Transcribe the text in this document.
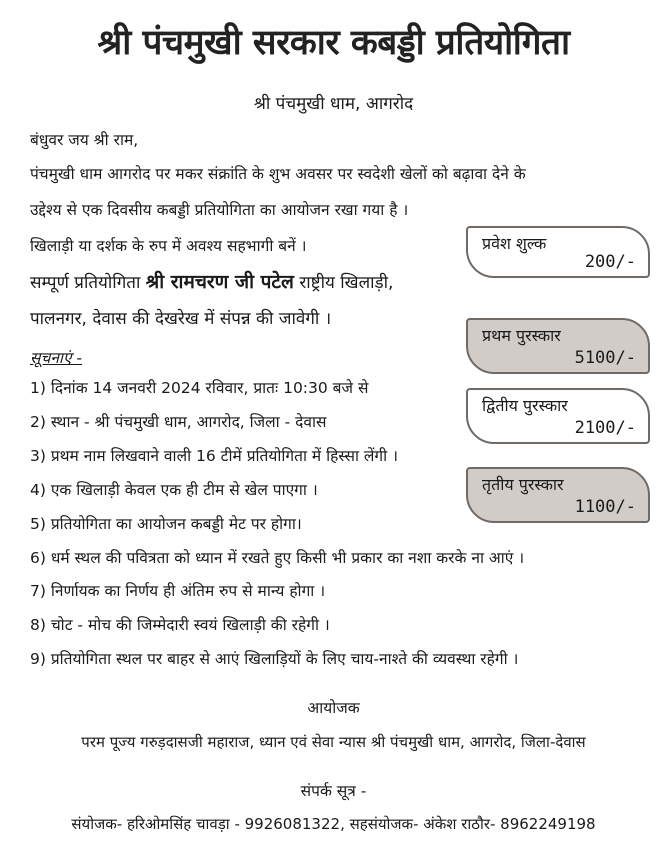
श्री पंचमुखी सरकार कबड्डी प्रतियोगिता
श्री पंचमुखी धाम, आगरोद
बंधुवर जय श्री राम,
पंचमुखी धाम आगरोद पर मकर संक्रांति के शुभ अवसर पर स्वदेशी खेलों को बढ़ावा देने के
उद्देश्य से एक दिवसीय कबड्डी प्रतियोगिता का आयोजन रखा गया है ।
खिलाड़ी या दर्शक के रुप में अवश्य सहभागी बनें ।
सम्पूर्ण प्रतियोगिता श्री रामचरण जी पटेल राष्ट्रीय खिलाड़ी,
पालनगर, देवास की देखरेख में संपन्न की जावेगी ।
सूचनाएं -
1) दिनांक 14 जनवरी 2024 रविवार, प्रातः 10:30 बजे से
2) स्थान - श्री पंचमुखी धाम, आगरोद, जिला - देवास
3) प्रथम नाम लिखवाने वाली 16 टीमें प्रतियोगिता में हिस्सा लेंगी ।
4) एक खिलाड़ी केवल एक ही टीम से खेल पाएगा ।
5) प्रतियोगिता का आयोजन कबड्डी मेट पर होगा।
6) धर्म स्थल की पवित्रता को ध्यान में रखते हुए किसी भी प्रकार का नशा करके ना आएं ।
7) निर्णायक का निर्णय ही अंतिम रुप से मान्य होगा ।
8) चोट - मोच की जिम्मेदारी स्वयं खिलाड़ी की रहेगी ।
9) प्रतियोगिता स्थल पर बाहर से आएं खिलाड़ियों के लिए चाय-नाश्ते की व्यवस्था रहेगी ।
प्रवेश शुल्क
200/-
प्रथम पुरस्कार
5100/-
द्वितीय पुरस्कार
2100/-
तृतीय पुरस्कार
1100/-
आयोजक
परम पूज्य गरुड़दासजी महाराज, ध्यान एवं सेवा न्यास श्री पंचमुखी धाम, आगरोद, जिला-देवास
संपर्क सूत्र -
संयोजक- हरिओमसिंह चावड़ा - 9926081322, सहसंयोजक- अंकेश राठौर- 8962249198
